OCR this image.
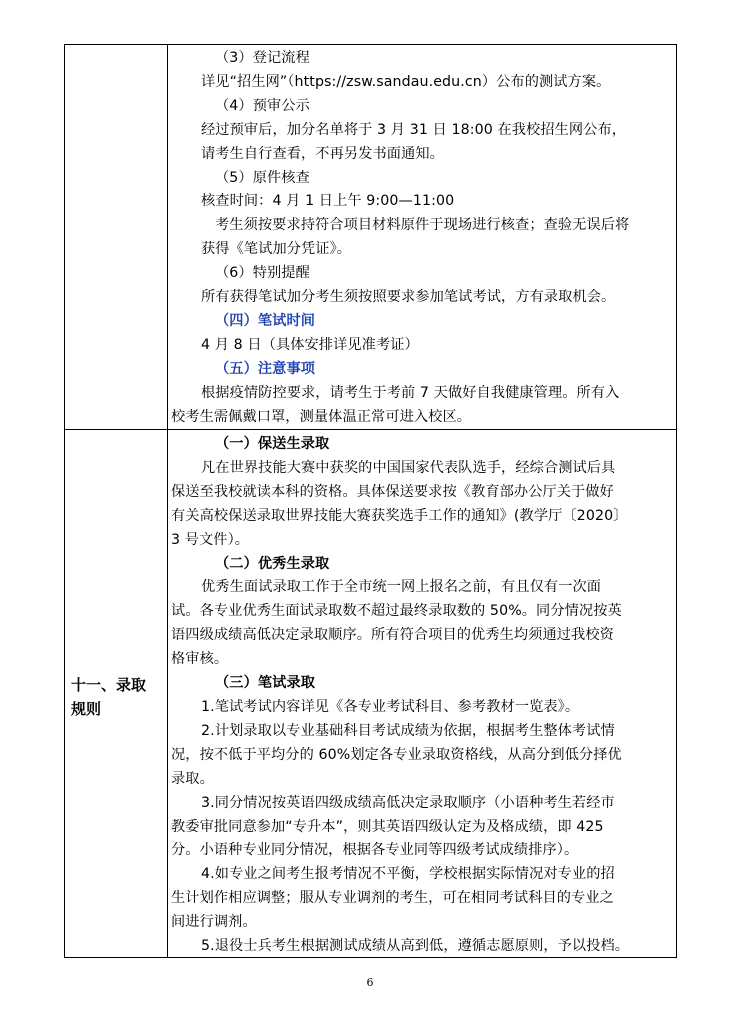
（3）登记流程
详见“招生网”（https://zsw.sandau.edu.cn）公布的测试方案。
（4）预审公示
经过预审后，加分名单将于 3 月 31 日 18:00 在我校招生网公布，
请考生自行查看，不再另发书面通知。
（5）原件核查
核查时间：4 月 1 日上午 9:00—11:00
考生须按要求持符合项目材料原件于现场进行核查；查验无误后将
获得《笔试加分凭证》。
（6）特别提醒
所有获得笔试加分考生须按照要求参加笔试考试，方有录取机会。
（四）笔试时间
4 月 8 日（具体安排详见准考证）
（五）注意事项
根据疫情防控要求，请考生于考前 7 天做好自我健康管理。所有入
校考生需佩戴口罩，测量体温正常可进入校区。
十一、录取
规则
（一）保送生录取
凡在世界技能大赛中获奖的中国国家代表队选手，经综合测试后具
保送至我校就读本科的资格。具体保送要求按《教育部办公厅关于做好
有关高校保送录取世界技能大赛获奖选手工作的通知》(教学厅〔2020〕
3 号文件）。
（二）优秀生录取
优秀生面试录取工作于全市统一网上报名之前，有且仅有一次面
试。各专业优秀生面试录取数不超过最终录取数的 50%。同分情况按英
语四级成绩高低决定录取顺序。所有符合项目的优秀生均须通过我校资
格审核。
（三）笔试录取
1.笔试考试内容详见《各专业考试科目、参考教材一览表》。
2.计划录取以专业基础科目考试成绩为依据，根据考生整体考试情
况，按不低于平均分的 60%划定各专业录取资格线，从高分到低分择优
录取。
3.同分情况按英语四级成绩高低决定录取顺序（小语种考生若经市
教委审批同意参加“专升本”，则其英语四级认定为及格成绩，即 425
分。小语种专业同分情况，根据各专业同等四级考试成绩排序）。
4.如专业之间考生报考情况不平衡，学校根据实际情况对专业的招
生计划作相应调整；服从专业调剂的考生，可在相同考试科目的专业之
间进行调剂。
5.退役士兵考生根据测试成绩从高到低，遵循志愿原则，予以投档。
6
